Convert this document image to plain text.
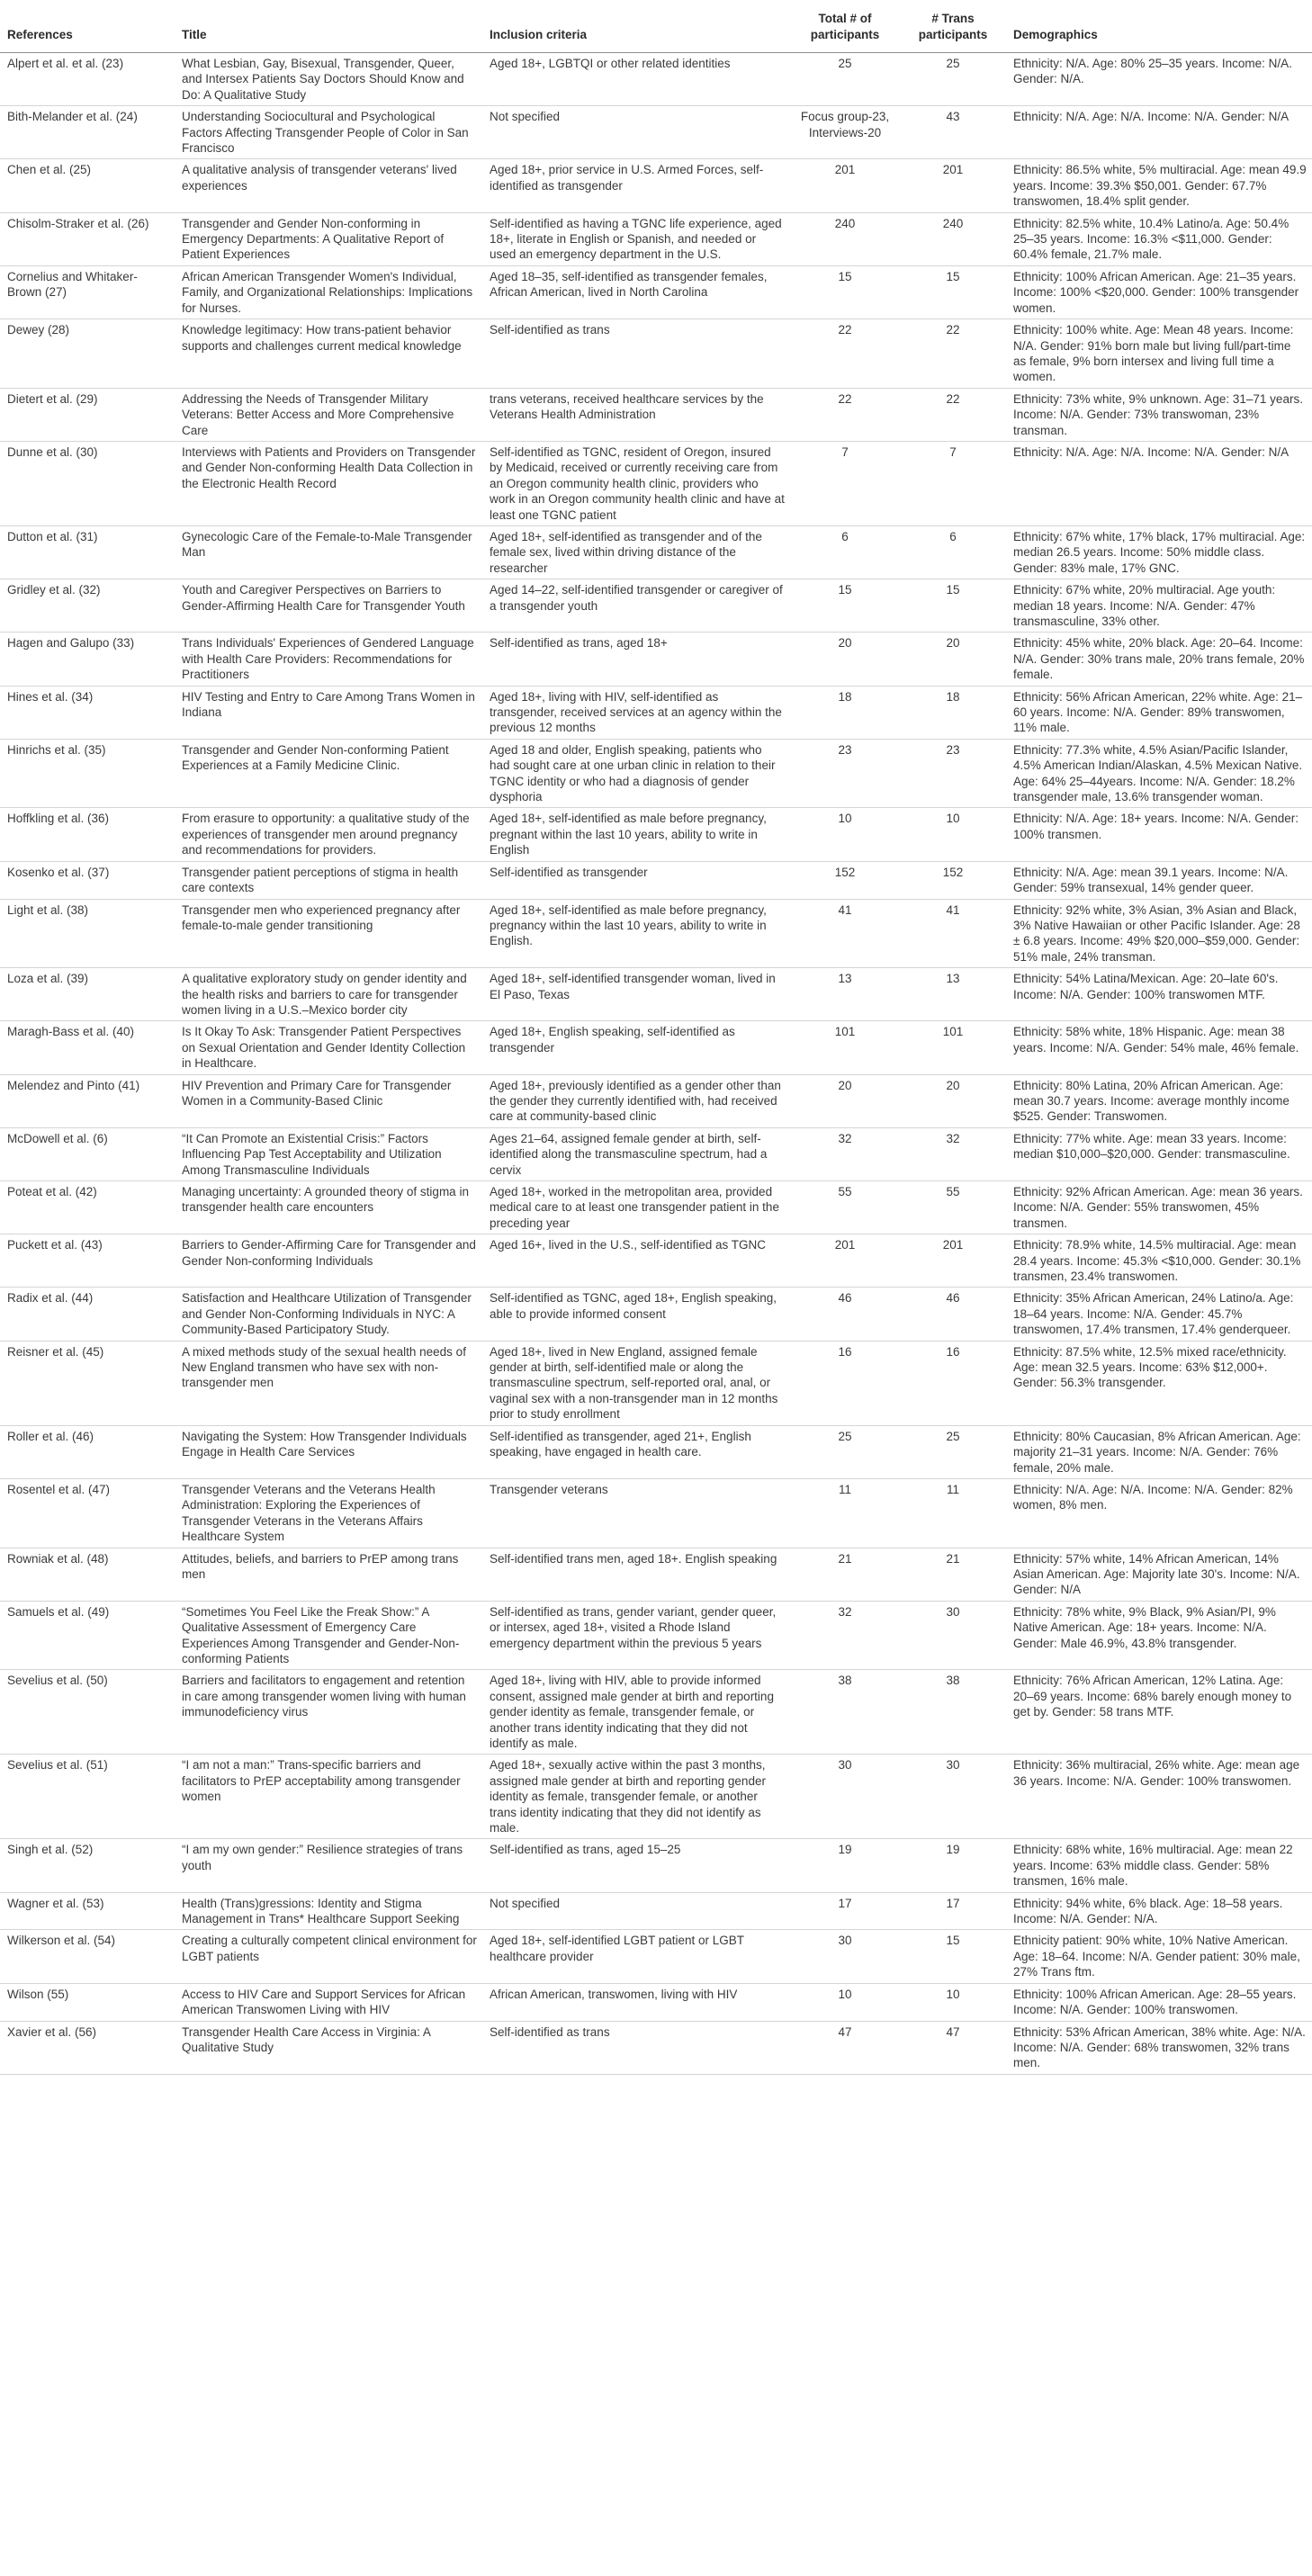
References	Title	Inclusion criteria	Total # of participants	# Trans participants	Demographics
Alpert et al. et al. (23)	What Lesbian, Gay, Bisexual, Transgender, Queer, and Intersex Patients Say Doctors Should Know and Do: A Qualitative Study	Aged 18+, LGBTQI or other related identities	25	25	Ethnicity: N/A. Age: 80% 25–35 years. Income: N/A. Gender: N/A.
Bith-Melander et al. (24)	Understanding Sociocultural and Psychological Factors Affecting Transgender People of Color in San Francisco	Not specified	Focus group-23, Interviews-20	43	Ethnicity: N/A. Age: N/A. Income: N/A. Gender: N/A
Chen et al. (25)	A qualitative analysis of transgender veterans' lived experiences	Aged 18+, prior service in U.S. Armed Forces, self-identified as transgender	201	201	Ethnicity: 86.5% white, 5% multiracial. Age: mean 49.9 years. Income: 39.3% $50,001. Gender: 67.7% transwomen, 18.4% split gender.
Chisolm-Straker et al. (26)	Transgender and Gender Non-conforming in Emergency Departments: A Qualitative Report of Patient Experiences	Self-identified as having a TGNC life experience, aged 18+, literate in English or Spanish, and needed or used an emergency department in the U.S.	240	240	Ethnicity: 82.5% white, 10.4% Latino/a. Age: 50.4% 25–35 years. Income: 16.3% <$11,000. Gender: 60.4% female, 21.7% male.
Cornelius and Whitaker-Brown (27)	African American Transgender Women's Individual, Family, and Organizational Relationships: Implications for Nurses.	Aged 18–35, self-identified as transgender females, African American, lived in North Carolina	15	15	Ethnicity: 100% African American. Age: 21–35 years. Income: 100% <$20,000. Gender: 100% transgender women.
Dewey (28)	Knowledge legitimacy: How trans-patient behavior supports and challenges current medical knowledge	Self-identified as trans	22	22	Ethnicity: 100% white. Age: Mean 48 years. Income: N/A. Gender: 91% born male but living full/part-time as female, 9% born intersex and living full time a women.
Dietert et al. (29)	Addressing the Needs of Transgender Military Veterans: Better Access and More Comprehensive Care	trans veterans, received healthcare services by the Veterans Health Administration	22	22	Ethnicity: 73% white, 9% unknown. Age: 31–71 years. Income: N/A. Gender: 73% transwoman, 23% transman.
Dunne et al. (30)	Interviews with Patients and Providers on Transgender and Gender Non-conforming Health Data Collection in the Electronic Health Record	Self-identified as TGNC, resident of Oregon, insured by Medicaid, received or currently receiving care from an Oregon community health clinic, providers who work in an Oregon community health clinic and have at least one TGNC patient	7	7	Ethnicity: N/A. Age: N/A. Income: N/A. Gender: N/A
Dutton et al. (31)	Gynecologic Care of the Female-to-Male Transgender Man	Aged 18+, self-identified as transgender and of the female sex, lived within driving distance of the researcher	6	6	Ethnicity: 67% white, 17% black, 17% multiracial. Age: median 26.5 years. Income: 50% middle class. Gender: 83% male, 17% GNC.
Gridley et al. (32)	Youth and Caregiver Perspectives on Barriers to Gender-Affirming Health Care for Transgender Youth	Aged 14–22, self-identified transgender or caregiver of a transgender youth	15	15	Ethnicity: 67% white, 20% multiracial. Age youth: median 18 years. Income: N/A. Gender: 47% transmasculine, 33% other.
Hagen and Galupo (33)	Trans Individuals' Experiences of Gendered Language with Health Care Providers: Recommendations for Practitioners	Self-identified as trans, aged 18+	20	20	Ethnicity: 45% white, 20% black. Age: 20–64. Income: N/A. Gender: 30% trans male, 20% trans female, 20% female.
Hines et al. (34)	HIV Testing and Entry to Care Among Trans Women in Indiana	Aged 18+, living with HIV, self-identified as transgender, received services at an agency within the previous 12 months	18	18	Ethnicity: 56% African American, 22% white. Age: 21–60 years. Income: N/A. Gender: 89% transwomen, 11% male.
Hinrichs et al. (35)	Transgender and Gender Non-conforming Patient Experiences at a Family Medicine Clinic.	Aged 18 and older, English speaking, patients who had sought care at one urban clinic in relation to their TGNC identity or who had a diagnosis of gender dysphoria	23	23	Ethnicity: 77.3% white, 4.5% Asian/Pacific Islander, 4.5% American Indian/Alaskan, 4.5% Mexican Native. Age: 64% 25–44years. Income: N/A. Gender: 18.2% transgender male, 13.6% transgender woman.
Hoffkling et al. (36)	From erasure to opportunity: a qualitative study of the experiences of transgender men around pregnancy and recommendations for providers.	Aged 18+, self-identified as male before pregnancy, pregnant within the last 10 years, ability to write in English	10	10	Ethnicity: N/A. Age: 18+ years. Income: N/A. Gender: 100% transmen.
Kosenko et al. (37)	Transgender patient perceptions of stigma in health care contexts	Self-identified as transgender	152	152	Ethnicity: N/A. Age: mean 39.1 years. Income: N/A. Gender: 59% transexual, 14% gender queer.
Light et al. (38)	Transgender men who experienced pregnancy after female-to-male gender transitioning	Aged 18+, self-identified as male before pregnancy, pregnancy within the last 10 years, ability to write in English.	41	41	Ethnicity: 92% white, 3% Asian, 3% Asian and Black, 3% Native Hawaiian or other Pacific Islander. Age: 28 ± 6.8 years. Income: 49% $20,000–$59,000. Gender: 51% male, 24% transman.
Loza et al. (39)	A qualitative exploratory study on gender identity and the health risks and barriers to care for transgender women living in a U.S.–Mexico border city	Aged 18+, self-identified transgender woman, lived in El Paso, Texas	13	13	Ethnicity: 54% Latina/Mexican. Age: 20–late 60's. Income: N/A. Gender: 100% transwomen MTF.
Maragh-Bass et al. (40)	Is It Okay To Ask: Transgender Patient Perspectives on Sexual Orientation and Gender Identity Collection in Healthcare.	Aged 18+, English speaking, self-identified as transgender	101	101	Ethnicity: 58% white, 18% Hispanic. Age: mean 38 years. Income: N/A. Gender: 54% male, 46% female.
Melendez and Pinto (41)	HIV Prevention and Primary Care for Transgender Women in a Community-Based Clinic	Aged 18+, previously identified as a gender other than the gender they currently identified with, had received care at community-based clinic	20	20	Ethnicity: 80% Latina, 20% African American. Age: mean 30.7 years. Income: average monthly income $525. Gender: Transwomen.
McDowell et al. (6)	“It Can Promote an Existential Crisis:” Factors Influencing Pap Test Acceptability and Utilization Among Transmasculine Individuals	Ages 21–64, assigned female gender at birth, self-identified along the transmasculine spectrum, had a cervix	32	32	Ethnicity: 77% white. Age: mean 33 years. Income: median $10,000–$20,000. Gender: transmasculine.
Poteat et al. (42)	Managing uncertainty: A grounded theory of stigma in transgender health care encounters	Aged 18+, worked in the metropolitan area, provided medical care to at least one transgender patient in the preceding year	55	55	Ethnicity: 92% African American. Age: mean 36 years. Income: N/A. Gender: 55% transwomen, 45% transmen.
Puckett et al. (43)	Barriers to Gender-Affirming Care for Transgender and Gender Non-conforming Individuals	Aged 16+, lived in the U.S., self-identified as TGNC	201	201	Ethnicity: 78.9% white, 14.5% multiracial. Age: mean 28.4 years. Income: 45.3% <$10,000. Gender: 30.1% transmen, 23.4% transwomen.
Radix et al. (44)	Satisfaction and Healthcare Utilization of Transgender and Gender Non-Conforming Individuals in NYC: A Community-Based Participatory Study.	Self-identified as TGNC, aged 18+, English speaking, able to provide informed consent	46	46	Ethnicity: 35% African American, 24% Latino/a. Age: 18–64 years. Income: N/A. Gender: 45.7% transwomen, 17.4% transmen, 17.4% genderqueer.
Reisner et al. (45)	A mixed methods study of the sexual health needs of New England transmen who have sex with non-transgender men	Aged 18+, lived in New England, assigned female gender at birth, self-identified male or along the transmasculine spectrum, self-reported oral, anal, or vaginal sex with a non-transgender man in 12 months prior to study enrollment	16	16	Ethnicity: 87.5% white, 12.5% mixed race/ethnicity. Age: mean 32.5 years. Income: 63% $12,000+. Gender: 56.3% transgender.
Roller et al. (46)	Navigating the System: How Transgender Individuals Engage in Health Care Services	Self-identified as transgender, aged 21+, English speaking, have engaged in health care.	25	25	Ethnicity: 80% Caucasian, 8% African American. Age: majority 21–31 years. Income: N/A. Gender: 76% female, 20% male.
Rosentel et al. (47)	Transgender Veterans and the Veterans Health Administration: Exploring the Experiences of Transgender Veterans in the Veterans Affairs Healthcare System	Transgender veterans	11	11	Ethnicity: N/A. Age: N/A. Income: N/A. Gender: 82% women, 8% men.
Rowniak et al. (48)	Attitudes, beliefs, and barriers to PrEP among trans men	Self-identified trans men, aged 18+. English speaking	21	21	Ethnicity: 57% white, 14% African American, 14% Asian American. Age: Majority late 30's. Income: N/A. Gender: N/A
Samuels et al. (49)	“Sometimes You Feel Like the Freak Show:” A Qualitative Assessment of Emergency Care Experiences Among Transgender and Gender-Non-conforming Patients	Self-identified as trans, gender variant, gender queer, or intersex, aged 18+, visited a Rhode Island emergency department within the previous 5 years	32	30	Ethnicity: 78% white, 9% Black, 9% Asian/PI, 9% Native American. Age: 18+ years. Income: N/A. Gender: Male 46.9%, 43.8% transgender.
Sevelius et al. (50)	Barriers and facilitators to engagement and retention in care among transgender women living with human immunodeficiency virus	Aged 18+, living with HIV, able to provide informed consent, assigned male gender at birth and reporting gender identity as female, transgender female, or another trans identity indicating that they did not identify as male.	38	38	Ethnicity: 76% African American, 12% Latina. Age: 20–69 years. Income: 68% barely enough money to get by. Gender: 58 trans MTF.
Sevelius et al. (51)	“I am not a man:” Trans-specific barriers and facilitators to PrEP acceptability among transgender women	Aged 18+, sexually active within the past 3 months, assigned male gender at birth and reporting gender identity as female, transgender female, or another trans identity indicating that they did not identify as male.	30	30	Ethnicity: 36% multiracial, 26% white. Age: mean age 36 years. Income: N/A. Gender: 100% transwomen.
Singh et al. (52)	“I am my own gender:” Resilience strategies of trans youth	Self-identified as trans, aged 15–25	19	19	Ethnicity: 68% white, 16% multiracial. Age: mean 22 years. Income: 63% middle class. Gender: 58% transmen, 16% male.
Wagner et al. (53)	Health (Trans)gressions: Identity and Stigma Management in Trans* Healthcare Support Seeking	Not specified	17	17	Ethnicity: 94% white, 6% black. Age: 18–58 years. Income: N/A. Gender: N/A.
Wilkerson et al. (54)	Creating a culturally competent clinical environment for LGBT patients	Aged 18+, self-identified LGBT patient or LGBT healthcare provider	30	15	Ethnicity patient: 90% white, 10% Native American. Age: 18–64. Income: N/A. Gender patient: 30% male, 27% Trans ftm.
Wilson (55)	Access to HIV Care and Support Services for African American Transwomen Living with HIV	African American, transwomen, living with HIV	10	10	Ethnicity: 100% African American. Age: 28–55 years. Income: N/A. Gender: 100% transwomen.
Xavier et al. (56)	Transgender Health Care Access in Virginia: A Qualitative Study	Self-identified as trans	47	47	Ethnicity: 53% African American, 38% white. Age: N/A. Income: N/A. Gender: 68% transwomen, 32% trans men.
